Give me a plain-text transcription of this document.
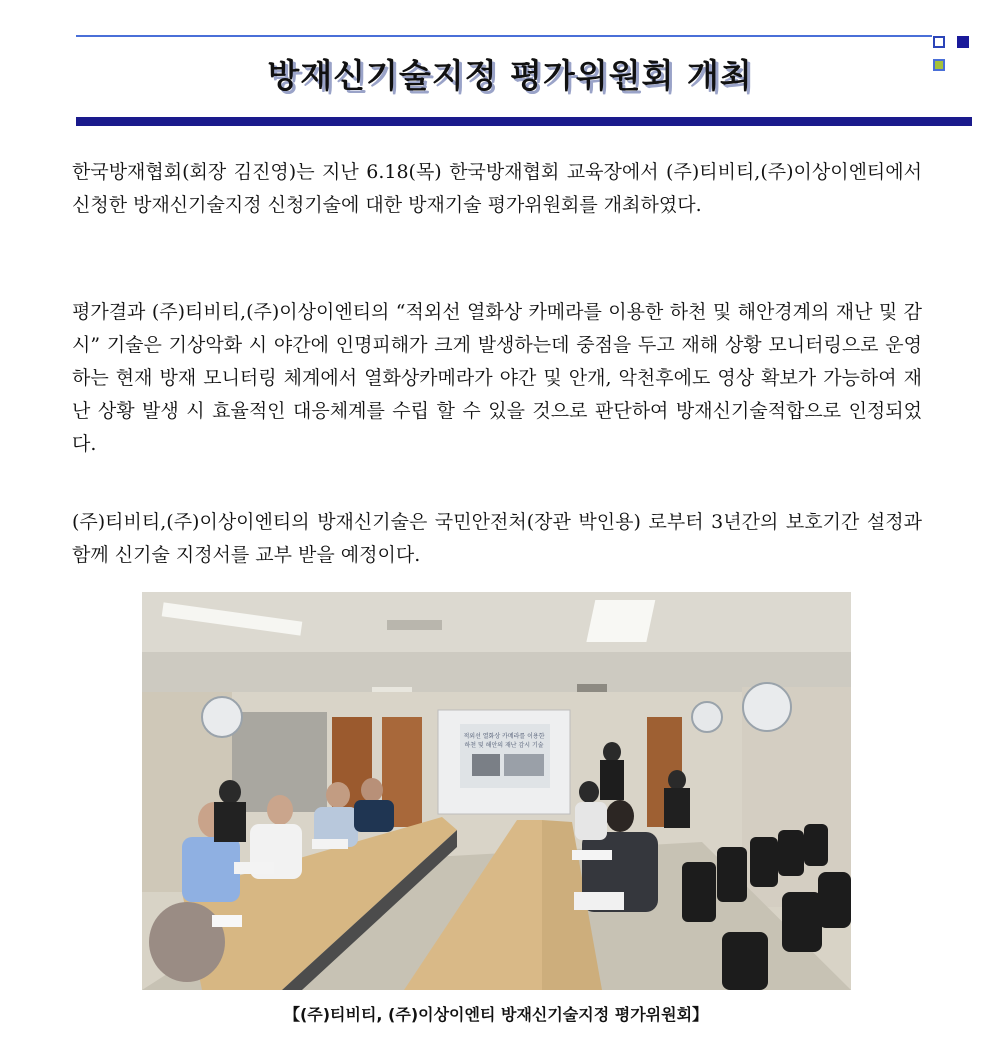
방재신기술지정 평가위원회 개최

한국방재협회(회장 김진영)는 지난 6.18(목) 한국방재협회 교육장에서 (주)티비티,(주)이상이엔티에서 신청한 방재신기술지정 신청기술에 대한 방재기술 평가위원회를 개최하였다.

평가결과 (주)티비티,(주)이상이엔티의 “적외선 열화상 카메라를 이용한 하천 및 해안경계의 재난 및 감시” 기술은 기상악화 시 야간에 인명피해가 크게 발생하는데 중점을 두고 재해 상황 모니터링으로 운영하는 현재 방재 모니터링 체계에서 열화상카메라가 야간 및 안개, 악천후에도 영상 확보가 가능하여 재난 상황 발생 시 효율적인 대응체계를 수립 할 수 있을 것으로 판단하여 방재신기술적합으로 인정되었다.

(주)티비티,(주)이상이엔티의 방재신기술은 국민안전처(장관 박인용) 로부터 3년간의 보호기간 설정과 함께 신기술 지정서를 교부 받을 예정이다.

적외선 열화상 카메라를 이용한
하천 및 해안의 재난 감시 기술
【(주)티비티, (주)이상이엔티 방재신기술지정 평가위원회】
